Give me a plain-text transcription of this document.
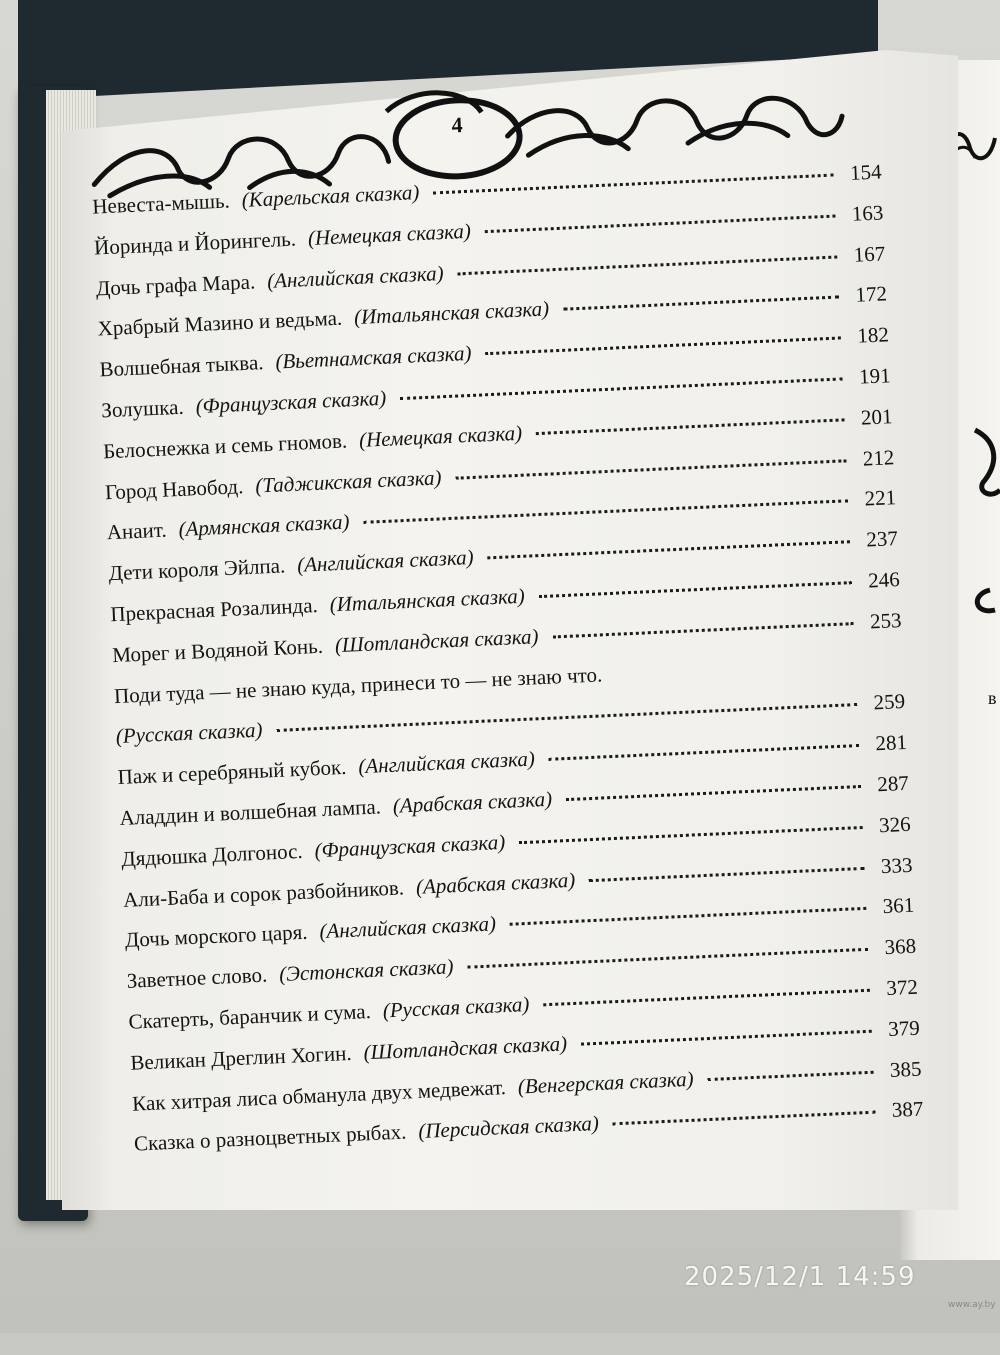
в
4
Невеста-мышь. (Карельская сказка)
154
Йоринда и Йорингель. (Немецкая сказка)
163
Дочь графа Мара. (Английская сказка)
167
Храбрый Мазино и ведьма. (Итальянская сказка)
172
Волшебная тыква. (Вьетнамская сказка)
182
Золушка. (Французская сказка)
191
Белоснежка и семь гномов. (Немецкая сказка)
201
Город Навобод. (Таджикская сказка)
212
Анаит. (Армянская сказка)
221
Дети короля Эйлпа. (Английская сказка)
237
Прекрасная Розалинда. (Итальянская сказка)
246
Морег и Водяной Конь. (Шотландская сказка)
253
Поди туда — не знаю куда, принеси то — не знаю что.
(Русская сказка)
259
Паж и серебряный кубок. (Английская сказка)
281
Аладдин и волшебная лампа. (Арабская сказка)
287
Дядюшка Долгонос. (Французская сказка)
326
Али-Баба и сорок разбойников. (Арабская сказка)
333
Дочь морского царя. (Английская сказка)
361
Заветное слово. (Эстонская сказка)
368
Скатерть, баранчик и сума. (Русская сказка)
372
Великан Дреглин Хогин. (Шотландская сказка)
379
Как хитрая лиса обманула двух медвежат. (Венгерская сказка)	385
Сказка о разноцветных рыбах. (Персидская сказка)
387
2025/12/1 14:59
www.ay.by
